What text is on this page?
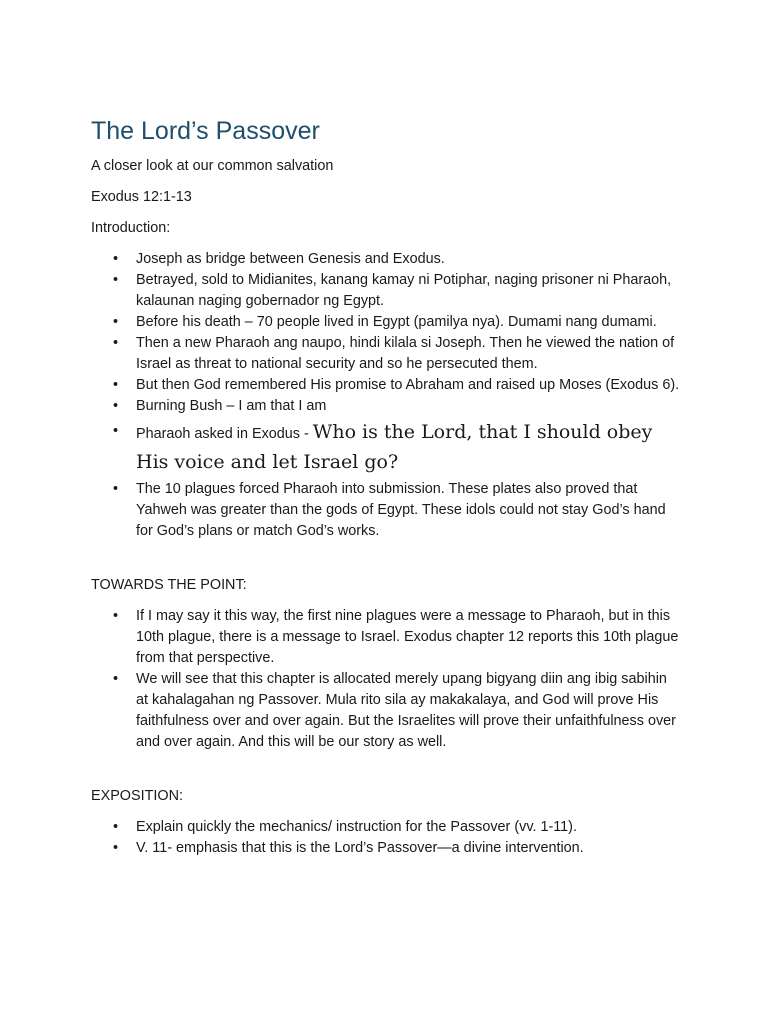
The Lord’s Passover

A closer look at our common salvation

Exodus 12:1-13

Introduction:

• Joseph as bridge between Genesis and Exodus.
• Betrayed, sold to Midianites, kanang kamay ni Potiphar, naging prisoner ni Pharaoh, kalaunan naging gobernador ng Egypt.
• Before his death – 70 people lived in Egypt (pamilya nya). Dumami nang dumami.
• Then a new Pharaoh ang naupo, hindi kilala si Joseph. Then he viewed the nation of Israel as threat to national security and so he persecuted them.
• But then God remembered His promise to Abraham and raised up Moses (Exodus 6).
• Burning Bush – I am that I am
• Pharaoh asked in Exodus - Who is the Lord, that I should obey His voice and let Israel go?
• The 10 plagues forced Pharaoh into submission. These plates also proved that Yahweh was greater than the gods of Egypt. These idols could not stay God’s hand for God’s plans or match God’s works.

TOWARDS THE POINT:

• If I may say it this way, the first nine plagues were a message to Pharaoh, but in this 10th plague, there is a message to Israel. Exodus chapter 12 reports this 10th plague from that perspective.
• We will see that this chapter is allocated merely upang bigyang diin ang ibig sabihin at kahalagahan ng Passover. Mula rito sila ay makakalaya, and God will prove His faithfulness over and over again. But the Israelites will prove their unfaithfulness over and over again. And this will be our story as well.

EXPOSITION:

• Explain quickly the mechanics/ instruction for the Passover (vv. 1-11).
• V. 11- emphasis that this is the Lord’s Passover—a divine intervention.
